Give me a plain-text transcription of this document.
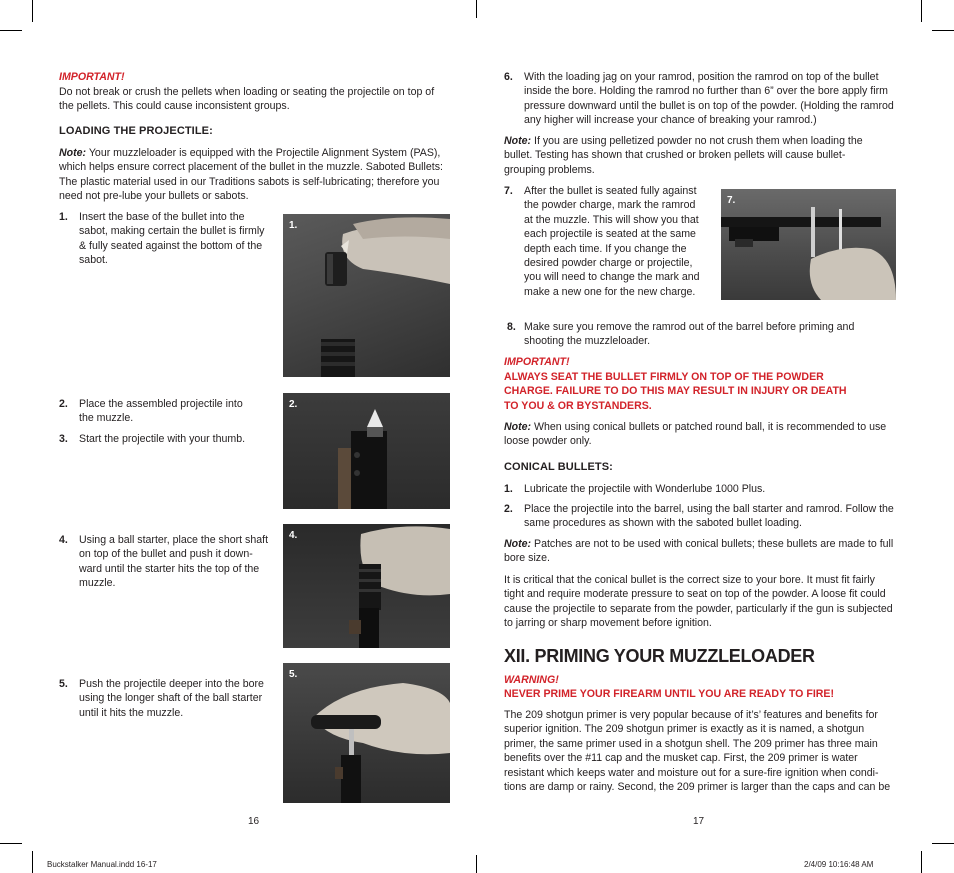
IMPORTANT!
Do not break or crush the pellets when loading or seating the projectile on top of the pellets. This could cause inconsistent groups.
LOADING THE PROJECTILE:
Note: Your muzzleloader is equipped with the Projectile Alignment System (PAS), which helps ensure correct placement of the bullet in the muzzle. Saboted Bullets: The plastic material used in our Traditions sabots is self-lubricating; therefore you need not pre-lube your bullets or sabots.
1. Insert the base of the bullet into the sabot, making certain the bullet is firmly & fully seated against the bottom of the sabot.
2. Place the assembled projectile into the muzzle.
3. Start the projectile with your thumb.
4. Using a ball starter, place the short shaft on top of the bullet and push it down-ward until the starter hits the top of the muzzle.
5. Push the projectile deeper into the bore using the longer shaft of the ball starter until it hits the muzzle.
1.
2.
4.
5.
16
6. With the loading jag on your ramrod, position the ramrod on top of the bullet inside the bore. Holding the ramrod no further than 6” over the bore apply firm pressure downward until the bullet is on top of the powder. (Holding the ramrod any higher will increase your chance of breaking your ramrod.)
Note: If you are using pelletized powder no not crush them when loading the bullet. Testing has shown that crushed or broken pellets will cause bullet-grouping problems.
7. After the bullet is seated fully against the powder charge, mark the ramrod at the muzzle. This will show you that each projectile is seated at the same depth each time. If you change the desired powder charge or projectile, you will need to change the mark and make a new one for the new charge.
7.
8. Make sure you remove the ramrod out of the barrel before priming and shooting the muzzleloader.
IMPORTANT!
ALWAYS SEAT THE BULLET FIRMLY ON TOP OF THE POWDER CHARGE. FAILURE TO DO THIS MAY RESULT IN INJURY OR DEATH TO YOU & OR BYSTANDERS.
Note: When using conical bullets or patched round ball, it is recommended to use loose powder only.
CONICAL BULLETS:
1. Lubricate the projectile with Wonderlube 1000 Plus.
2. Place the projectile into the barrel, using the ball starter and ramrod. Follow the same procedures as shown with the saboted bullet loading.
Note: Patches are not to be used with conical bullets; these bullets are made to full bore size.
It is critical that the conical bullet is the correct size to your bore. It must fit fairly tight and require moderate pressure to seat on top of the powder. A loose fit could cause the projectile to separate from the powder, particularly if the gun is subjected to jarring or sharp movement before ignition.
XII. PRIMING YOUR MUZZLELOADER
WARNING!
NEVER PRIME YOUR FIREARM UNTIL YOU ARE READY TO FIRE!
The 209 shotgun primer is very popular because of it’s’ features and benefits for superior ignition. The 209 shotgun primer is exactly as it is named, a shotgun primer, the same primer used in a shotgun shell. The 209 primer has three main benefits over the #11 cap and the musket cap. First, the 209 primer is water resistant which keeps water and moisture out for a sure-fire ignition when condi-tions are damp or rainy. Second, the 209 primer is larger than the caps and can be
17
Buckstalker Manual.indd 16-17	2/4/09 10:16:48 AM
